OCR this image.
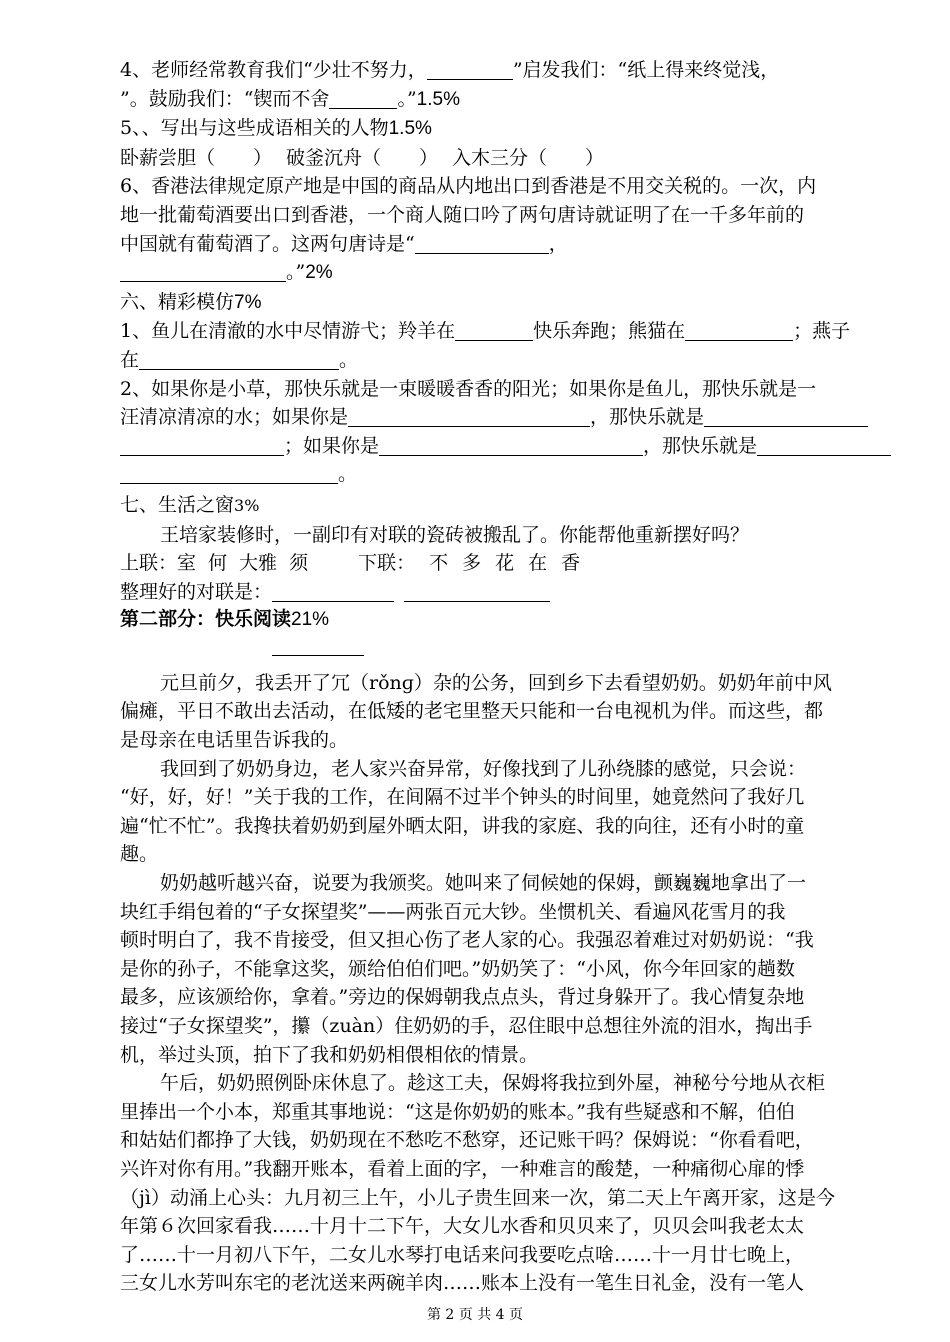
4、老师经常教育我们“少壮不努力，	”启发我们：“纸上得来终觉浅，
”。鼓励我们：“锲而不舍	。”1.5%
5、、写出与这些成语相关的人物1.5%
卧薪尝胆（　　） 破釜沉舟（　　） 入木三分（　　）
6、香港法律规定原产地是中国的商品从内地出口到香港是不用交关税的。一次，内
地一批葡萄酒要出口到香港，一个商人随口吟了两句唐诗就证明了在一千多年前的
中国就有葡萄酒了。这两句唐诗是“	，
。”2%
六、精彩模仿7%
1、鱼儿在清澈的水中尽情游弋；羚羊在	快乐奔跑；熊猫在	；燕子
在	。
2、如果你是小草，那快乐就是一束暖暖香香的阳光；如果你是鱼儿，那快乐就是一
汪清凉清凉的水；如果你是	，那快乐就是
；如果你是	，那快乐就是
。
七、生活之窗3%
王培家装修时，一副印有对联的瓷砖被搬乱了。你能帮他重新摆好吗？
上联：室 何 大雅 须	下联： 不 多 花 在 香
整理好的对联是：
第二部分：快乐阅读21%
元旦前夕，我丢开了冗（rǒnɡ）杂的公务，回到乡下去看望奶奶。奶奶年前中风
偏瘫，平日不敢出去活动，在低矮的老宅里整天只能和一台电视机为伴。而这些，都
是母亲在电话里告诉我的。
我回到了奶奶身边，老人家兴奋异常，好像找到了儿孙绕膝的感觉，只会说：
“好，好，好！”关于我的工作，在间隔不过半个钟头的时间里，她竟然问了我好几
遍“忙不忙”。我搀扶着奶奶到屋外晒太阳，讲我的家庭、我的向往，还有小时的童
趣。
奶奶越听越兴奋，说要为我颁奖。她叫来了伺候她的保姆，颤巍巍地拿出了一
块红手绢包着的“子女探望奖”——两张百元大钞。坐惯机关、看遍风花雪月的我
顿时明白了，我不肯接受，但又担心伤了老人家的心。我强忍着难过对奶奶说：“我
是你的孙子，不能拿这奖，颁给伯伯们吧。”奶奶笑了：“小风，你今年回家的趟数
最多，应该颁给你，拿着。”旁边的保姆朝我点点头，背过身躲开了。我心情复杂地
接过“子女探望奖”，攥（zuàn）住奶奶的手，忍住眼中总想往外流的泪水，掏出手
机，举过头顶，拍下了我和奶奶相偎相依的情景。
午后，奶奶照例卧床休息了。趁这工夫，保姆将我拉到外屋，神秘兮兮地从衣柜
里捧出一个小本，郑重其事地说：“这是你奶奶的账本。”我有些疑惑和不解，伯伯
和姑姑们都挣了大钱，奶奶现在不愁吃不愁穿，还记账干吗？保姆说：“你看看吧，
兴许对你有用。”我翻开账本，看着上面的字，一种难言的酸楚，一种痛彻心扉的悸
（jì）动涌上心头：九月初三上午，小儿子贵生回来一次，第二天上午离开家，这是今
年第６次回家看我……十月十二下午，大女儿水香和贝贝来了，贝贝会叫我老太太
了……十一月初八下午，二女儿水琴打电话来问我要吃点啥……十一月廿七晚上，
三女儿水芳叫东宅的老沈送来两碗羊肉……账本上没有一笔生日礼金，没有一笔人
第 2 页 共 4 页
